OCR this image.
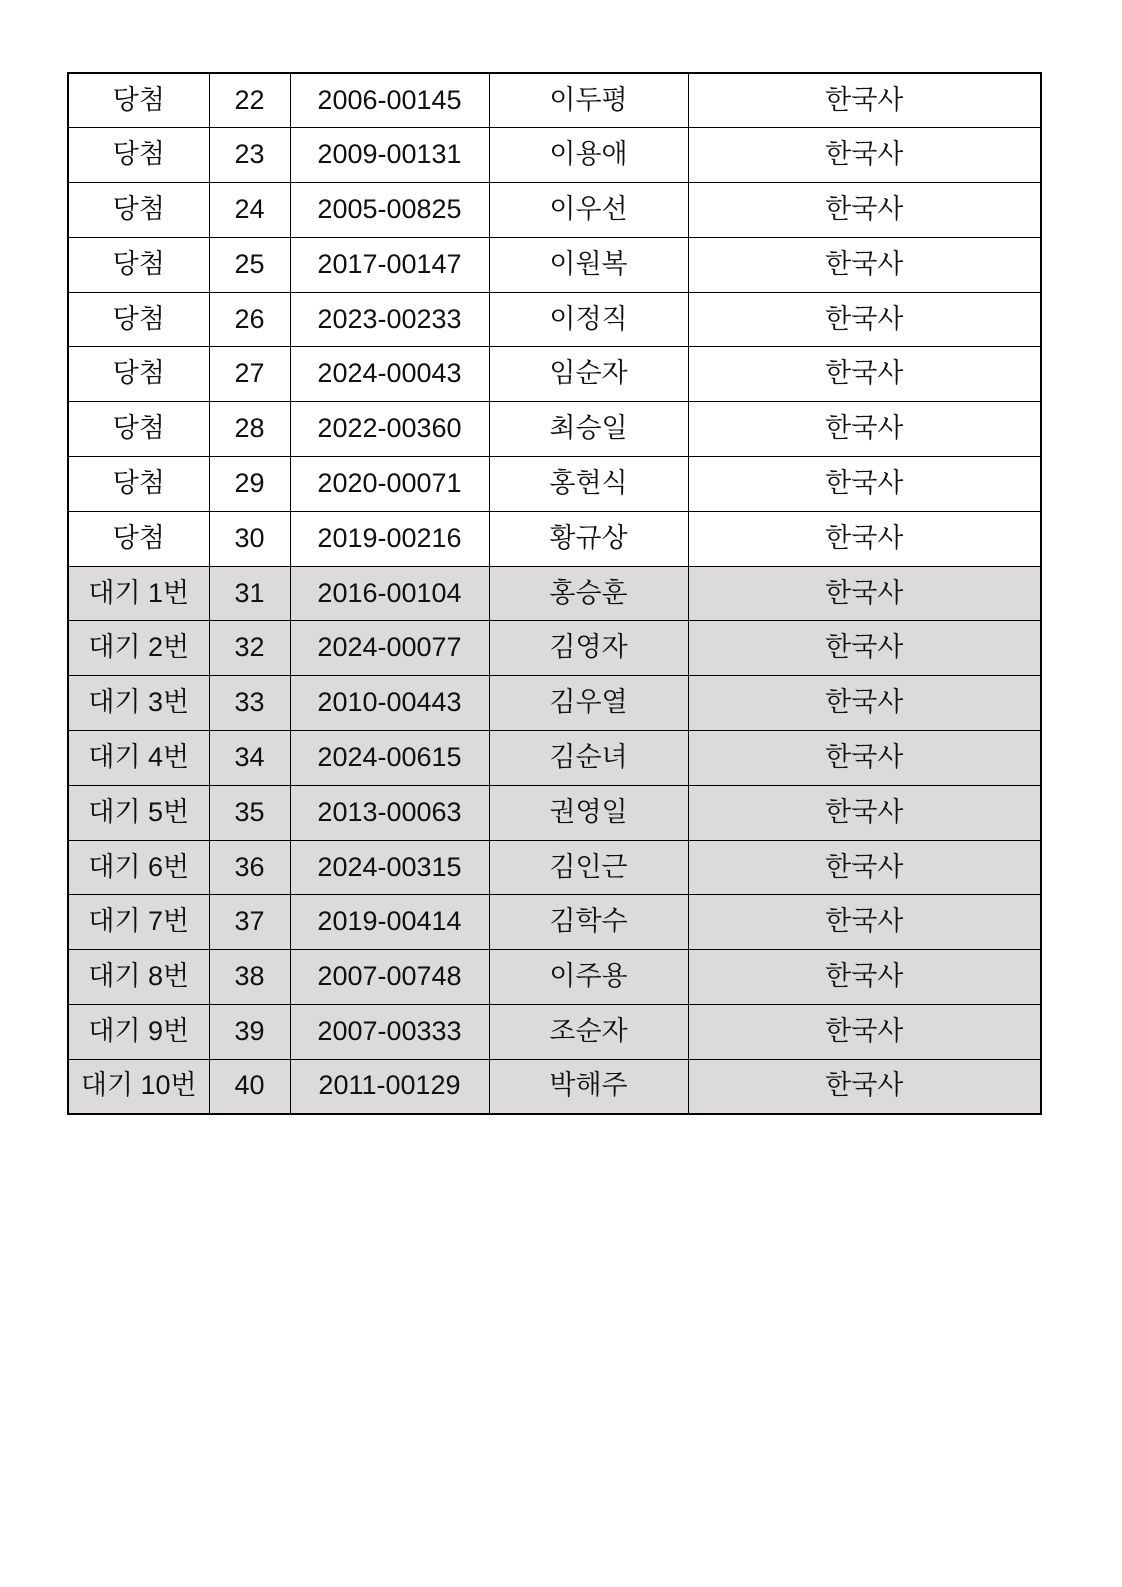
당첨	22	2006-00145	이두평	한국사
당첨	23	2009-00131	이용애	한국사
당첨	24	2005-00825	이우선	한국사
당첨	25	2017-00147	이원복	한국사
당첨	26	2023-00233	이정직	한국사
당첨	27	2024-00043	임순자	한국사
당첨	28	2022-00360	최승일	한국사
당첨	29	2020-00071	홍현식	한국사
당첨	30	2019-00216	황규상	한국사
대기 1번	31	2016-00104	홍승훈	한국사
대기 2번	32	2024-00077	김영자	한국사
대기 3번	33	2010-00443	김우열	한국사
대기 4번	34	2024-00615	김순녀	한국사
대기 5번	35	2013-00063	권영일	한국사
대기 6번	36	2024-00315	김인근	한국사
대기 7번	37	2019-00414	김학수	한국사
대기 8번	38	2007-00748	이주용	한국사
대기 9번	39	2007-00333	조순자	한국사
대기 10번	40	2011-00129	박해주	한국사
